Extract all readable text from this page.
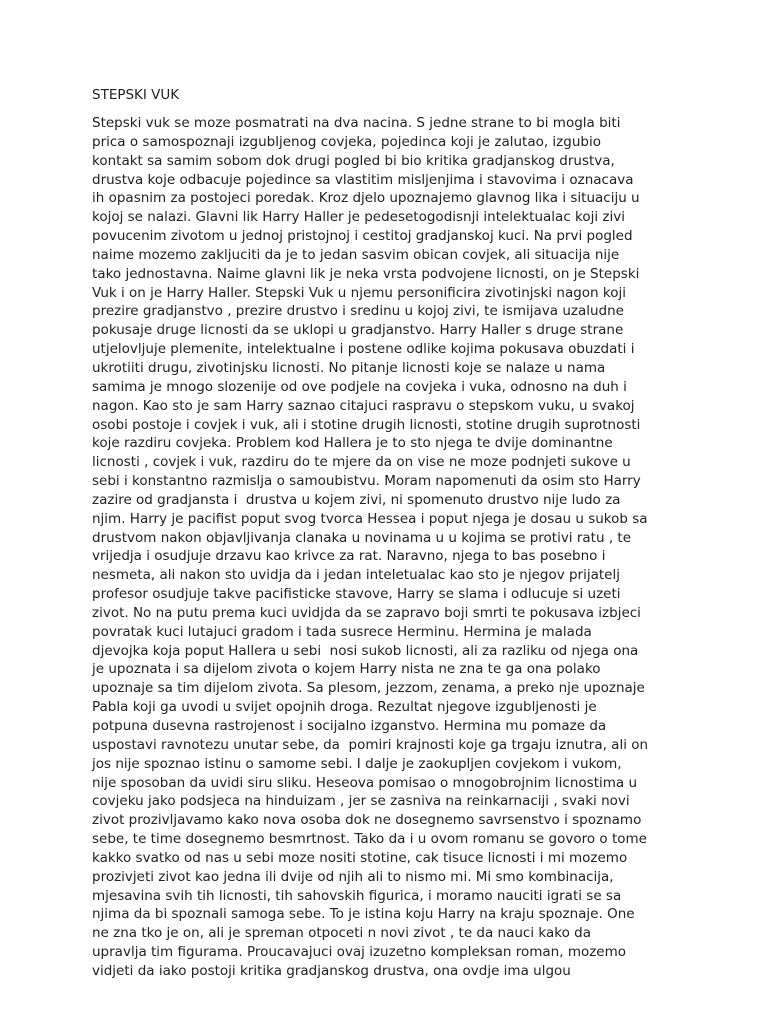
STEPSKI VUK
Stepski vuk se moze posmatrati na dva nacina. S jedne strane to bi mogla biti
prica o samospoznaji izgubljenog covjeka, pojedinca koji je zalutao, izgubio
kontakt sa samim sobom dok drugi pogled bi bio kritika gradjanskog drustva,
drustva koje odbacuje pojedince sa vlastitim misljenjima i stavovima i oznacava
ih opasnim za postojeci poredak. Kroz djelo upoznajemo glavnog lika i situaciju u
kojoj se nalazi. Glavni lik Harry Haller je pedesetogodisnji intelektualac koji zivi
povucenim zivotom u jednoj pristojnoj i cestitoj gradjanskoj kuci. Na prvi pogled
naime mozemo zakljuciti da je to jedan sasvim obican covjek, ali situacija nije
tako jednostavna. Naime glavni lik je neka vrsta podvojene licnosti, on je Stepski
Vuk i on je Harry Haller. Stepski Vuk u njemu personificira zivotinjski nagon koji
prezire gradjanstvo , prezire drustvo i sredinu u kojoj zivi, te ismijava uzaludne
pokusaje druge licnosti da se uklopi u gradjanstvo. Harry Haller s druge strane
utjelovljuje plemenite, intelektualne i postene odlike kojima pokusava obuzdati i
ukrotiiti drugu, zivotinjsku licnosti. No pitanje licnosti koje se nalaze u nama
samima je mnogo slozenije od ove podjele na covjeka i vuka, odnosno na duh i
nagon. Kao sto je sam Harry saznao citajuci raspravu o stepskom vuku, u svakoj
osobi postoje i covjek i vuk, ali i stotine drugih licnosti, stotine drugih suprotnosti
koje razdiru covjeka. Problem kod Hallera je to sto njega te dvije dominantne
licnosti , covjek i vuk, razdiru do te mjere da on vise ne moze podnjeti sukove u
sebi i konstantno razmislja o samoubistvu. Moram napomenuti da osim sto Harry
zazire od gradjansta i  drustva u kojem zivi, ni spomenuto drustvo nije ludo za
njim. Harry je pacifist poput svog tvorca Hessea i poput njega je dosau u sukob sa
drustvom nakon objavljivanja clanaka u novinama u u kojima se protivi ratu , te
vrijedja i osudjuje drzavu kao krivce za rat. Naravno, njega to bas posebno i
nesmeta, ali nakon sto uvidja da i jedan inteletualac kao sto je njegov prijatelj
profesor osudjuje takve pacifisticke stavove, Harry se slama i odlucuje si uzeti
zivot. No na putu prema kuci uvidjda da se zapravo boji smrti te pokusava izbjeci
povratak kuci lutajuci gradom i tada susrece Herminu. Hermina je malada
djevojka koja poput Hallera u sebi  nosi sukob licnosti, ali za razliku od njega ona
je upoznata i sa dijelom zivota o kojem Harry nista ne zna te ga ona polako
upoznaje sa tim dijelom zivota. Sa plesom, jezzom, zenama, a preko nje upoznaje
Pabla koji ga uvodi u svijet opojnih droga. Rezultat njegove izgubljenosti je
potpuna dusevna rastrojenost i socijalno izganstvo. Hermina mu pomaze da
uspostavi ravnotezu unutar sebe, da  pomiri krajnosti koje ga trgaju iznutra, ali on
jos nije spoznao istinu o samome sebi. I dalje je zaokupljen covjekom i vukom,
nije sposoban da uvidi siru sliku. Heseova pomisao o mnogobrojnim licnostima u
covjeku jako podsjeca na hinduizam , jer se zasniva na reinkarnaciji , svaki novi
zivot prozivljavamo kako nova osoba dok ne dosegnemo savrsenstvo i spoznamo
sebe, te time dosegnemo besmrtnost. Tako da i u ovom romanu se govoro o tome
kakko svatko od nas u sebi moze nositi stotine, cak tisuce licnosti i mi mozemo
prozivjeti zivot kao jedna ili dvije od njih ali to nismo mi. Mi smo kombinacija,
mjesavina svih tih licnosti, tih sahovskih figurica, i moramo nauciti igrati se sa
njima da bi spoznali samoga sebe. To je istina koju Harry na kraju spoznaje. One
ne zna tko je on, ali je spreman otpoceti n novi zivot , te da nauci kako da
upravlja tim figurama. Proucavajuci ovaj izuzetno kompleksan roman, mozemo
vidjeti da iako postoji kritika gradjanskog drustva, ona ovdje ima ulgou
